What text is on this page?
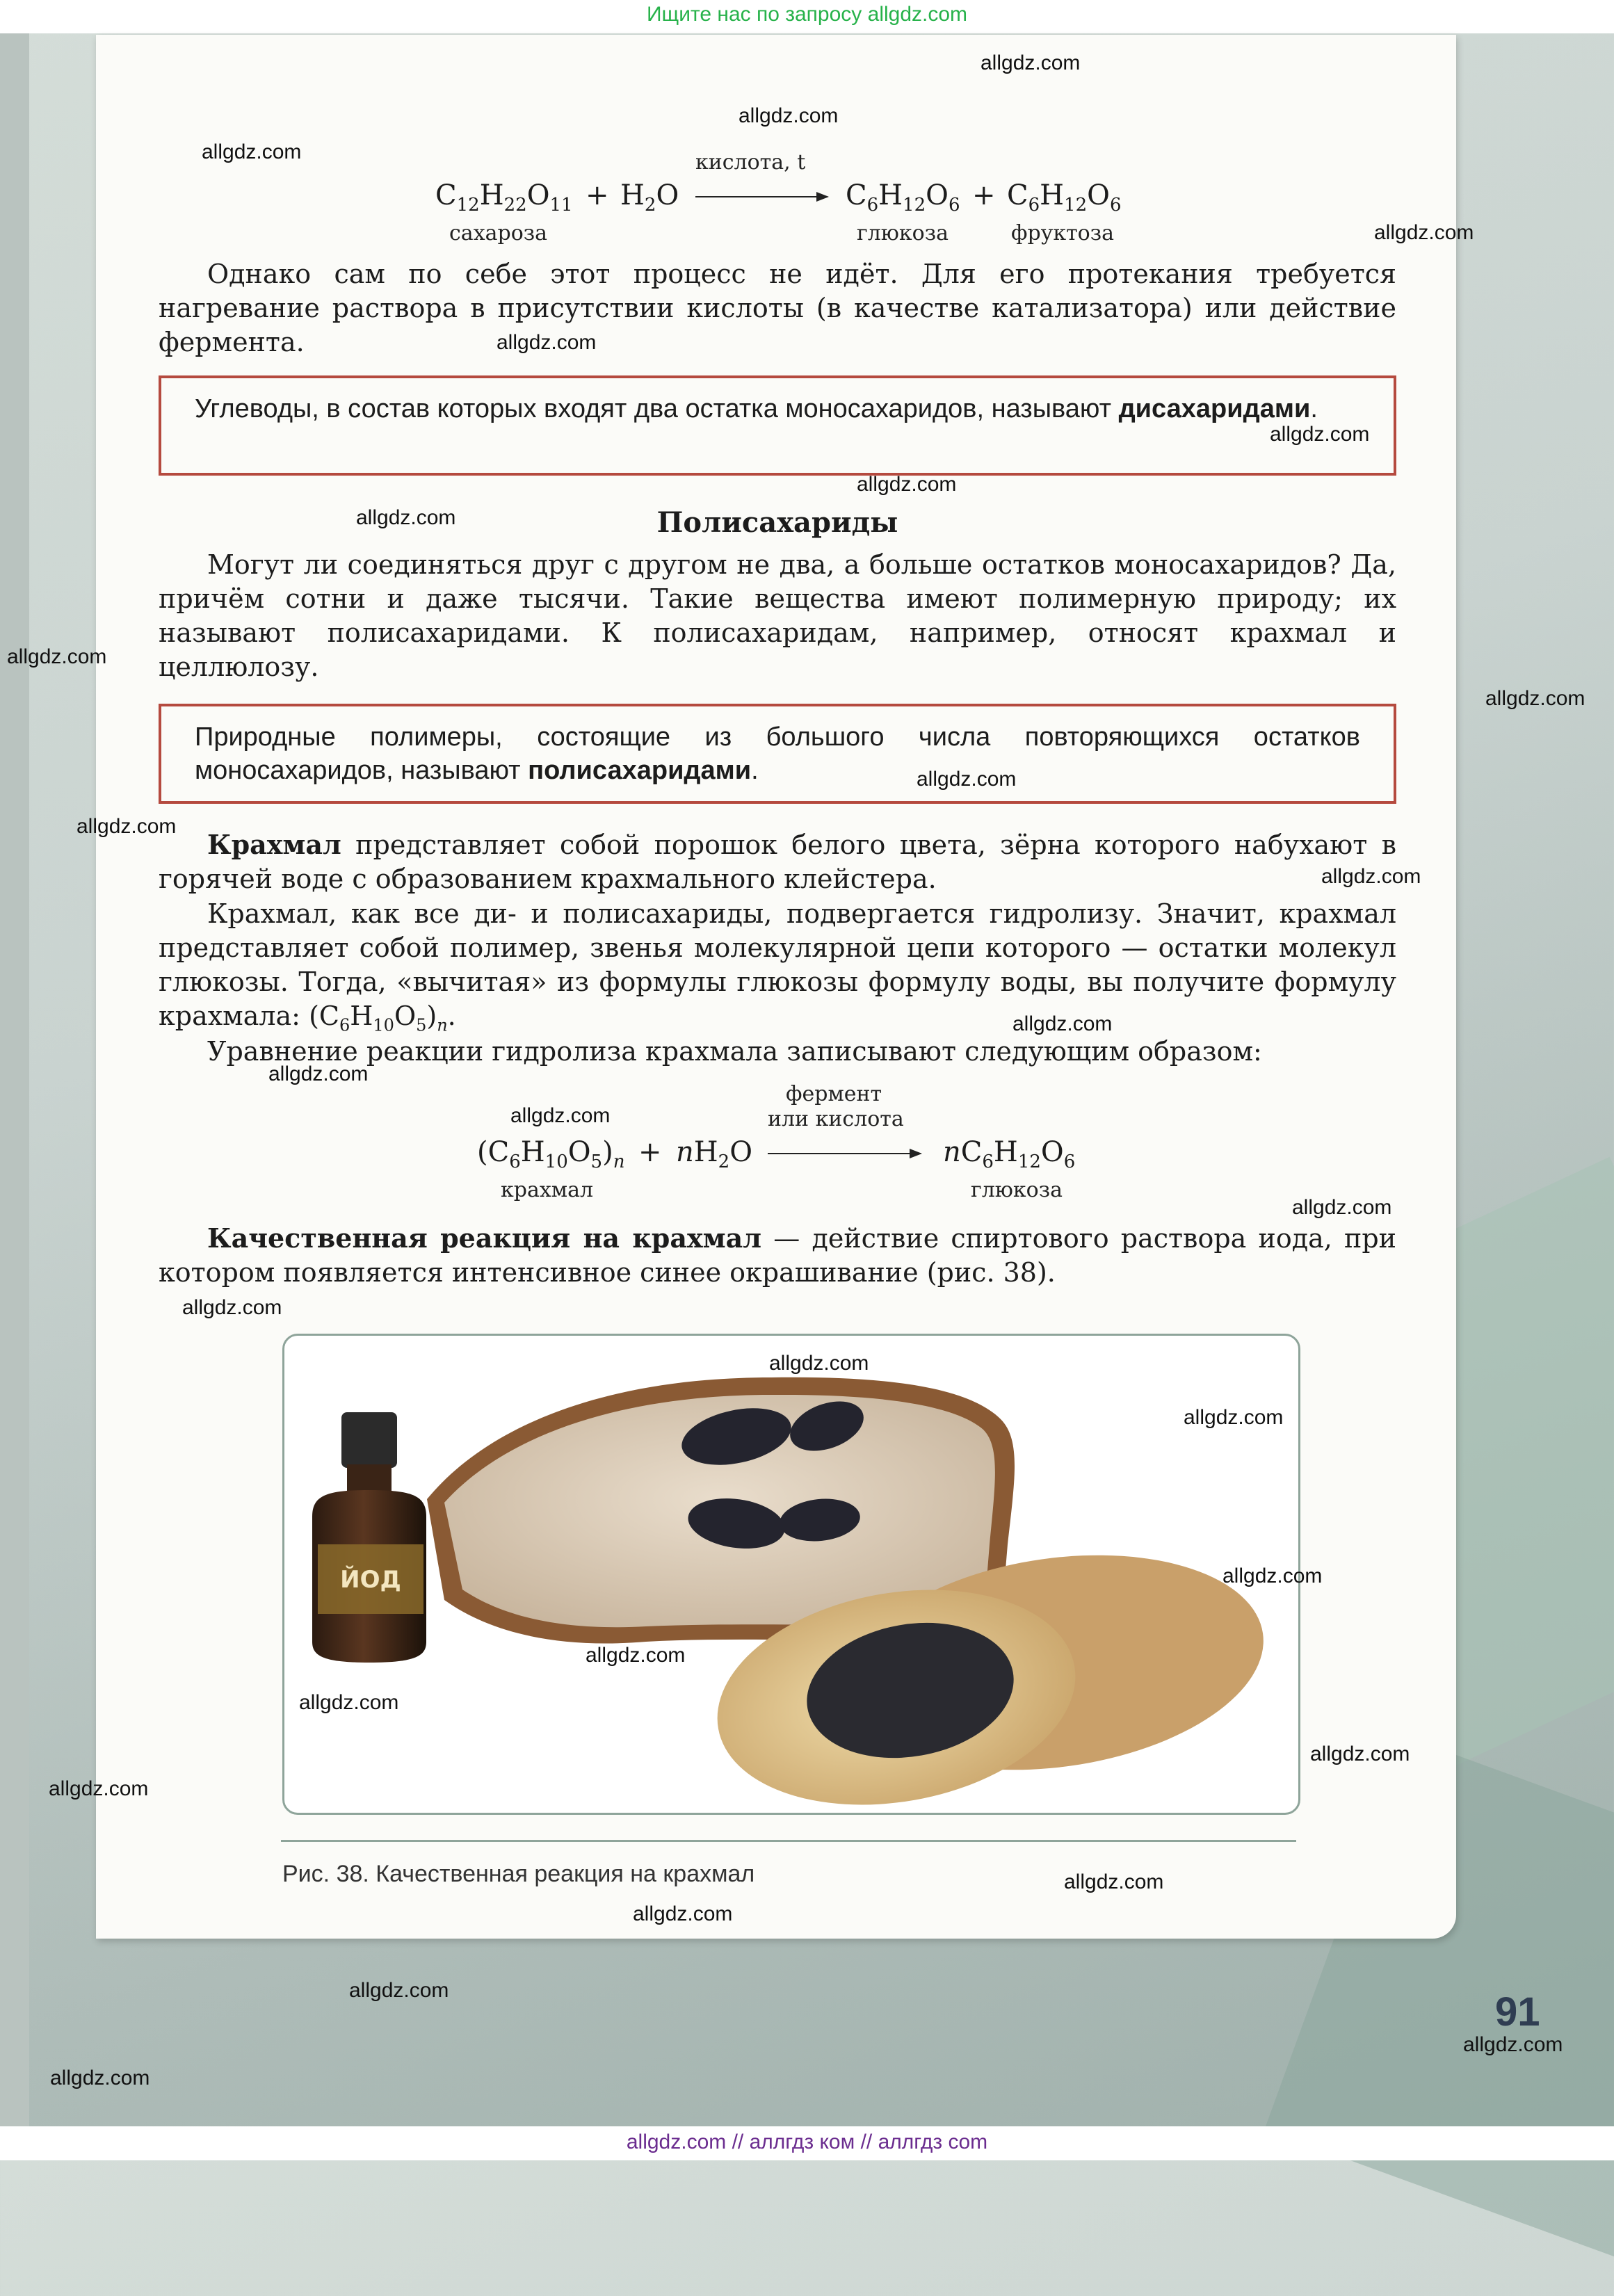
Ищите нас по запросу allgdz.com
кислота, t
$C_{12}H_{22}O_{11} + H_2O$	$C_6H_{12}O_6 + C_6H_{12}O_6$
сахароза	глюкоза	фруктоза

Однако сам по себе этот процесс не идёт. Для его протекания требуется нагревание раствора в присутствии кислоты (в качестве катализатора) или действие фермента.

Углеводы, в состав которых входят два остатка моносахаридов, называют дисахаридами.
Полисахариды

Могут ли соединяться друг с другом не два, а больше остатков моносахаридов? Да, причём сотни и даже тысячи. Такие вещества имеют полимерную природу; их называют полисахаридами. К полисахаридам, например, относят крахмал и целлюлозу.

Природные полимеры, состоящие из большого числа повторяющихся остатков моносахаридов, называют полисахаридами.

Крахмал представляет собой порошок белого цвета, зёрна которого набухают в горячей воде с образованием крахмального клейстера.

Крахмал, как все ди- и полисахариды, подвергается гидролизу. Значит, крахмал представляет собой полимер, звенья молекулярной цепи которого — остатки молекул глюкозы. Тогда, «вычитая» из формулы глюкозы формулу воды, вы получите формулу крахмала: $(C_6H_{10}O_5)_n$.

Уравнение реакции гидролиза крахмала записывают следующим образом:

фермент
или кислота
$(C_6H_{10}O_5)_n + nH_2O$	$nC_6H_{12}O_6$
крахмал	глюкоза

Качественная реакция на крахмал — действие спиртового раствора иода, при котором появляется интенсивное синее окрашивание (рис. 38).

ЙОД
Рис. 38. Качественная реакция на крахмал
91
allgdz.com
allgdz.com
allgdz.com
allgdz.com
allgdz.com
allgdz.com
allgdz.com
allgdz.com
allgdz.com
allgdz.com
allgdz.com
allgdz.com
allgdz.com
allgdz.com
allgdz.com
allgdz.com
allgdz.com
allgdz.com
allgdz.com
allgdz.com
allgdz.com
allgdz.com
allgdz.com
allgdz.com
allgdz.com
allgdz.com
allgdz.com
allgdz.com
allgdz.com
allgdz.com
allgdz.com // аллгдз ком // аллгдз com
